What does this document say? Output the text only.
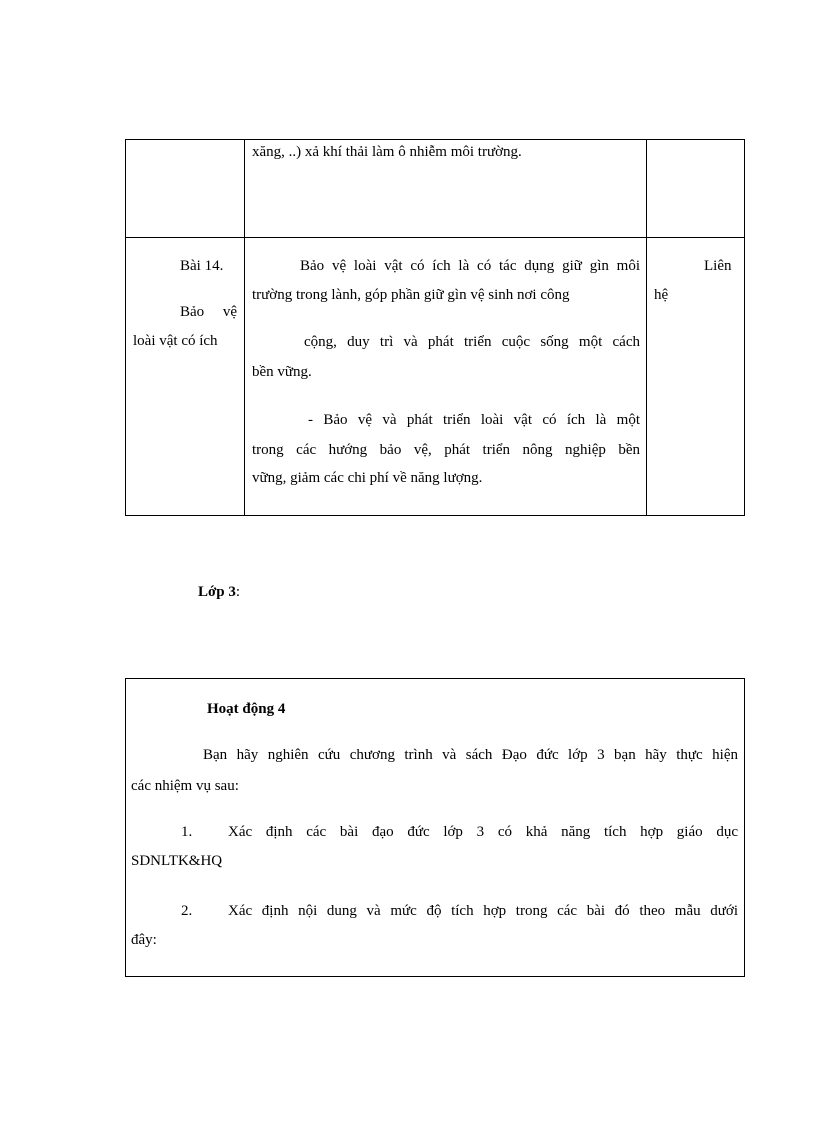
xăng, ..) xả khí thải làm ô nhiễm môi trường.
Bài 14.
Bảo vệ
loài vật có ích
Bảo vệ loài vật có ích là có tác dụng giữ gìn môi
trường trong lành, góp phần giữ gìn vệ sinh nơi công
cộng, duy trì và phát triển cuộc sống một cách
bền vững.
- Bảo vệ và phát triển loài vật có ích là một
trong các hướng bảo vệ, phát triển nông nghiệp bền
vững, giảm các chi phí về năng lượng.
Liên
hệ
Lớp 3:
Hoạt động 4
Bạn hãy nghiên cứu chương trình và sách Đạo đức lớp 3 bạn hãy thực hiện
các nhiệm vụ sau:
1. Xác định các bài đạo đức lớp 3 có khả năng tích hợp giáo dục
SDNLTK&HQ
2. Xác định nội dung và mức độ tích hợp trong các bài đó theo mẫu dưới
đây:
